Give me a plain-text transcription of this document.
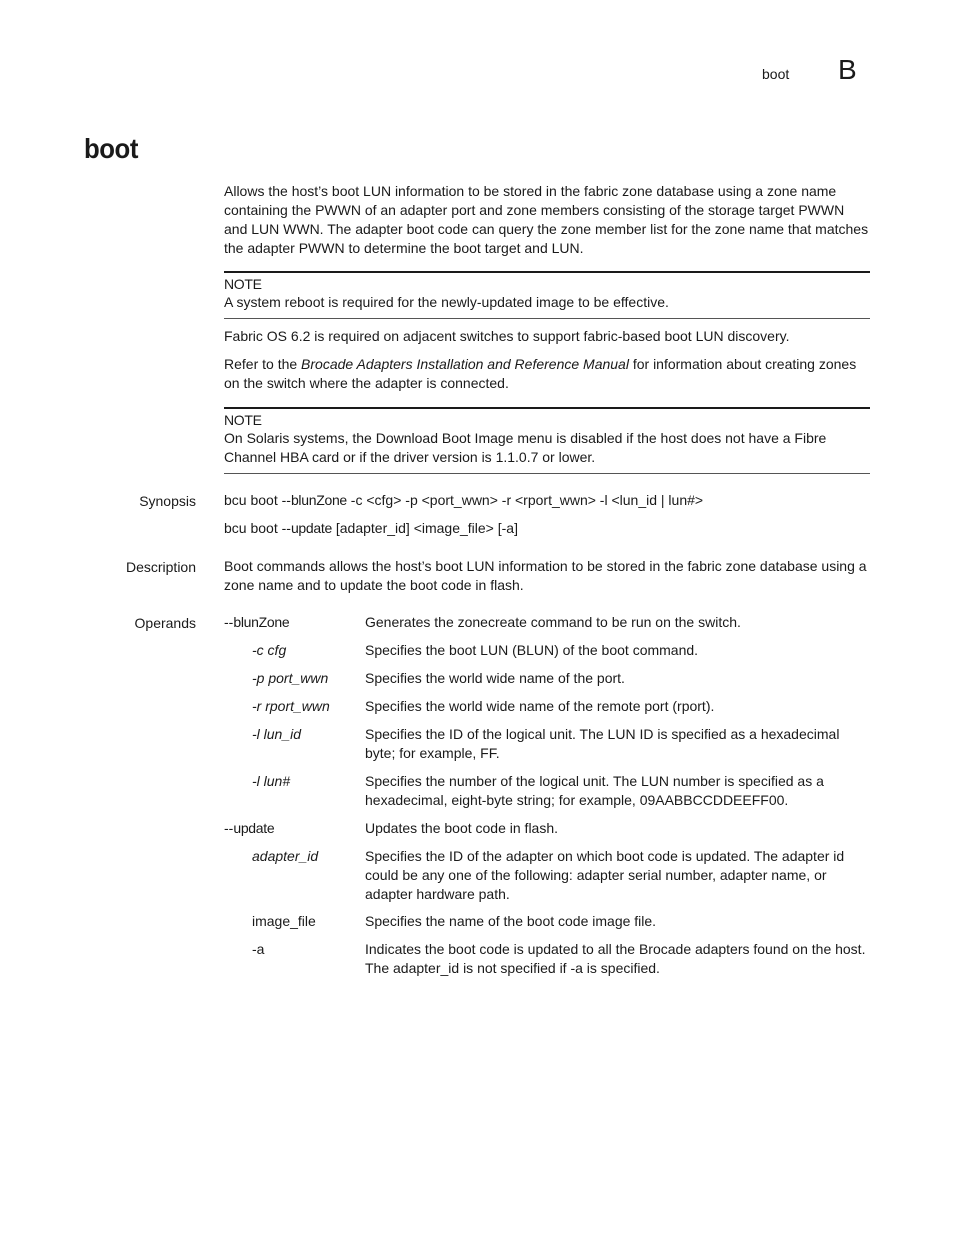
boot B
boot

Allows the host’s boot LUN information to be stored in the fabric zone database using a zone name containing the PWWN of an adapter port and zone members consisting of the storage target PWWN and LUN WWN. The adapter boot code can query the zone member list for the zone name that matches the adapter PWWN to determine the boot target and LUN.

NOTE

A system reboot is required for the newly-updated image to be effective.

Fabric OS 6.2 is required on adjacent switches to support fabric-based boot LUN discovery.

Refer to the Brocade Adapters Installation and Reference Manual for information about creating zones on the switch where the adapter is connected.

NOTE

On Solaris systems, the Download Boot Image menu is disabled if the host does not have a Fibre Channel HBA card or if the driver version is 1.1.0.7 or lower.

Synopsis bcu boot --blunZone -c <cfg> -p <port_wwn> -r <rport_wwn> -l <lun_id | lun#>

bcu boot --update [adapter_id] <image_file> [-a]

Description Boot commands allows the host’s boot LUN information to be stored in the fabric zone database using a zone name and to update the boot code in flash.

Operands --blunZone	Generates the zonecreate command to be run on the switch.

-c cfg	Specifies the boot LUN (BLUN) of the boot command.

-p port_wwn	Specifies the world wide name of the port.

-r rport_wwn	Specifies the world wide name of the remote port (rport).

-l lun_id	Specifies the ID of the logical unit. The LUN ID is specified as a hexadecimal byte; for example, FF.

-l lun#	Specifies the number of the logical unit. The LUN number is specified as a hexadecimal, eight-byte string; for example, 09AABBCCDDEEFF00.

--update	Updates the boot code in flash.

adapter_id	Specifies the ID of the adapter on which boot code is updated. The adapter id could be any one of the following: adapter serial number, adapter name, or adapter hardware path.

image_file	Specifies the name of the boot code image file.

-a	Indicates the boot code is updated to all the Brocade adapters found on the host. The adapter_id is not specified if -a is specified.
